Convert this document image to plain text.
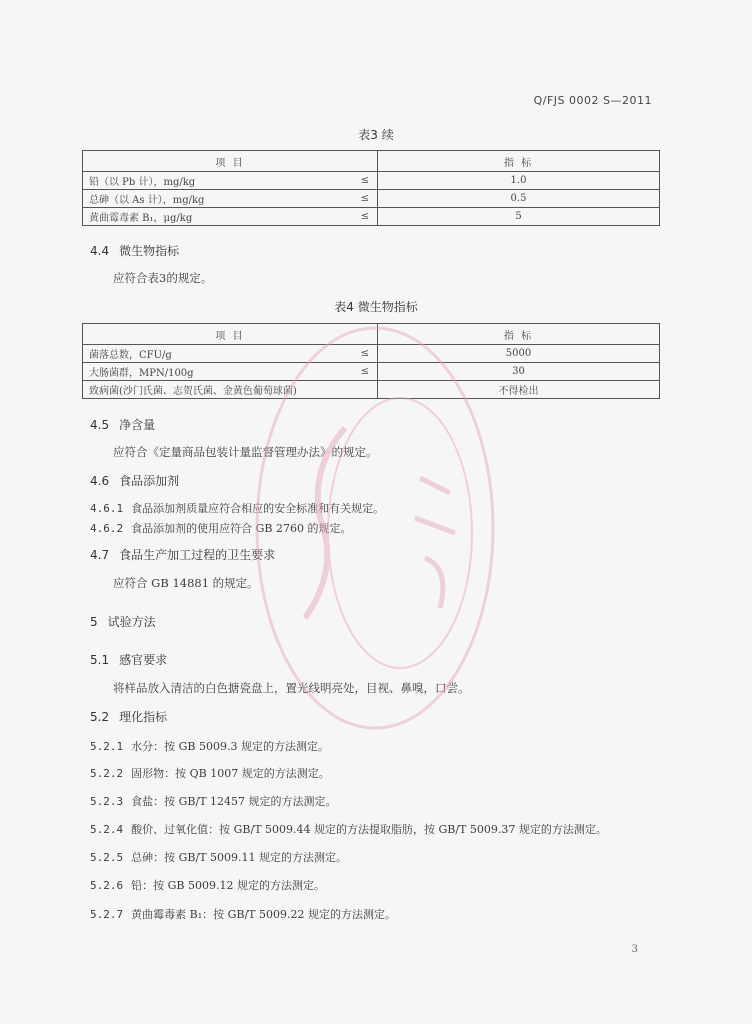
Q/FJS 0002 S—2011
表3 续
项 目	指 标
铅（以 Pb 计），mg/kg ≤	1.0
总砷（以 As 计），mg/kg ≤	0.5
黄曲霉毒素 B₁，μg/kg ≤	5
4.4 微生物指标
应符合表3的规定。
表4 微生物指标
项 目	指 标
菌落总数，CFU/g ≤	5000
大肠菌群，MPN/100g ≤	30
致病菌(沙门氏菌、志贺氏菌、金黄色葡萄球菌)	不得检出
4.5 净含量
应符合《定量商品包装计量监督管理办法》的规定。
4.6 食品添加剂
4.6.1 食品添加剂质量应符合相应的安全标准和有关规定。
4.6.2 食品添加剂的使用应符合 GB 2760 的规定。
4.7 食品生产加工过程的卫生要求
应符合 GB 14881 的规定。
5 试验方法
5.1 感官要求
将样品放入清洁的白色搪瓷盘上，置光线明亮处，目视、鼻嗅，口尝。
5.2 理化指标
5.2.1 水分：按 GB 5009.3 规定的方法测定。
5.2.2 固形物：按 QB 1007 规定的方法测定。
5.2.3 食盐：按 GB/T 12457 规定的方法测定。
5.2.4 酸价、过氧化值：按 GB/T 5009.44 规定的方法提取脂肪，按 GB/T 5009.37 规定的方法测定。
5.2.5 总砷：按 GB/T 5009.11 规定的方法测定。
5.2.6 铅：按 GB 5009.12 规定的方法测定。
5.2.7 黄曲霉毒素 B₁：按 GB/T 5009.22 规定的方法测定。
3
